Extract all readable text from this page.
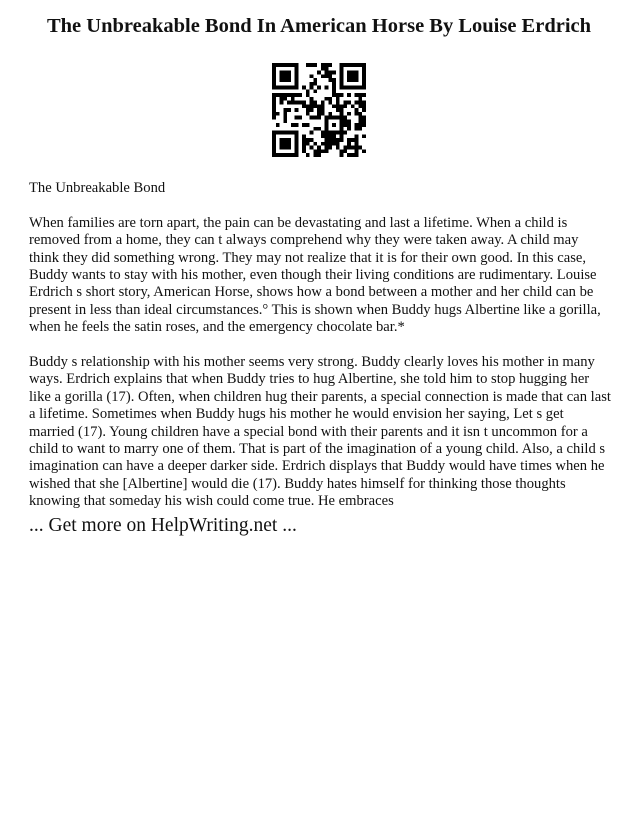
The Unbreakable Bond In American Horse By Louise Erdrich

The Unbreakable Bond

When families are torn apart, the pain can be devastating and last a lifetime. When a child is removed from a home, they can t always comprehend why they were taken away. A child may think they did something wrong. They may not realize that it is for their own good. In this case, Buddy wants to stay with his mother, even though their living conditions are rudimentary. Louise Erdrich s short story, American Horse, shows how a bond between a mother and her child can be present in less than ideal circumstances.° This is shown when Buddy hugs Albertine like a gorilla, when he feels the satin roses, and the emergency chocolate bar.*

Buddy s relationship with his mother seems very strong. Buddy clearly loves his mother in many ways. Erdrich explains that when Buddy tries to hug Albertine, she told him to stop hugging her like a gorilla (17). Often, when children hug their parents, a special connection is made that can last a lifetime. Sometimes when Buddy hugs his mother he would envision her saying, Let s get married (17). Young children have a special bond with their parents and it isn t uncommon for a child to want to marry one of them. That is part of the imagination of a young child. Also, a child s imagination can have a deeper darker side. Erdrich displays that Buddy would have times when he wished that she [Albertine] would die (17). Buddy hates himself for thinking those thoughts knowing that someday his wish could come true. He embraces

... Get more on HelpWriting.net ...
